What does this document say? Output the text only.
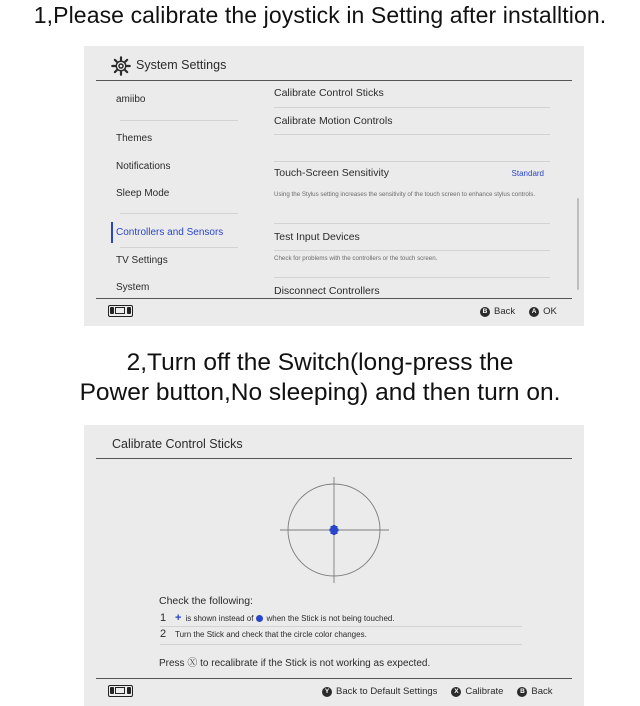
1,Please calibrate the joystick in Setting after installtion.
System Settings
amiibo
Themes
Notifications
Sleep Mode
Controllers and Sensors
TV Settings
System
Calibrate Control Sticks
Calibrate Motion Controls
Touch-Screen Sensitivity	Standard
Using the Stylus setting increases the sensitivity of the touch screen to enhance stylus controls.
Test Input Devices
Check for problems with the controllers or the touch screen.
Disconnect Controllers
B Back	A OK
2,Turn off the Switch(long-press the
Power button,No sleeping) and then turn on.
Calibrate Control Sticks
Check the following:
1 + is shown instead of when the Stick is not being touched.
2	Turn the Stick and check that the circle color changes.
Press Ⓧ to recalibrate if the Stick is not working as expected.
Y Back to Default Settings	X Calibrate	B Back
